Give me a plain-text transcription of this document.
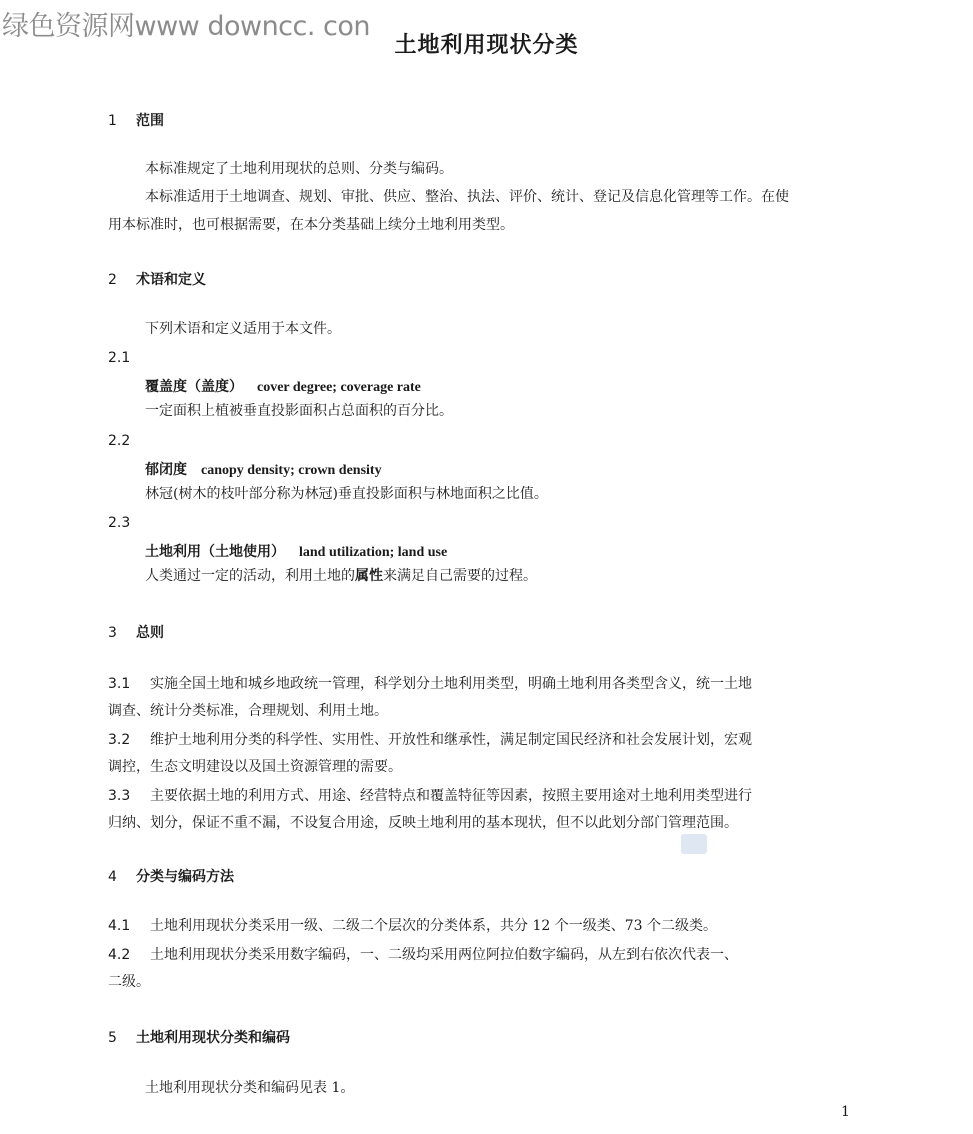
绿色资源网www downcc. con
土地利用现状分类
1 范围
本标准规定了土地利用现状的总则、分类与编码。
本标准适用于土地调查、规划、审批、供应、整治、执法、评价、统计、登记及信息化管理等工作。在使
用本标准时，也可根据需要，在本分类基础上续分土地利用类型。
2 术语和定义
下列术语和定义适用于本文件。
2.1
覆盖度（盖度） cover degree; coverage rate
一定面积上植被垂直投影面积占总面积的百分比。
2.2
郁闭度 canopy density; crown density
林冠(树木的枝叶部分称为林冠)垂直投影面积与林地面积之比值。
2.3
土地利用（土地使用） land utilization; land use
人类通过一定的活动，利用土地的属性来满足自己需要的过程。
3 总则
3.1 实施全国土地和城乡地政统一管理，科学划分土地利用类型，明确土地利用各类型含义，统一土地
调查、统计分类标准，合理规划、利用土地。
3.2 维护土地利用分类的科学性、实用性、开放性和继承性，满足制定国民经济和社会发展计划，宏观
调控，生态文明建设以及国土资源管理的需要。
3.3 主要依据土地的利用方式、用途、经营特点和覆盖特征等因素，按照主要用途对土地利用类型进行
归纳、划分，保证不重不漏，不设复合用途，反映土地利用的基本现状，但不以此划分部门管理范围。
4 分类与编码方法
4.1 土地利用现状分类采用一级、二级二个层次的分类体系，共分 12 个一级类、73 个二级类。
4.2 土地利用现状分类采用数字编码，一、二级均采用两位阿拉伯数字编码，从左到右依次代表一、
二级。
5 土地利用现状分类和编码
土地利用现状分类和编码见表 1。
1
